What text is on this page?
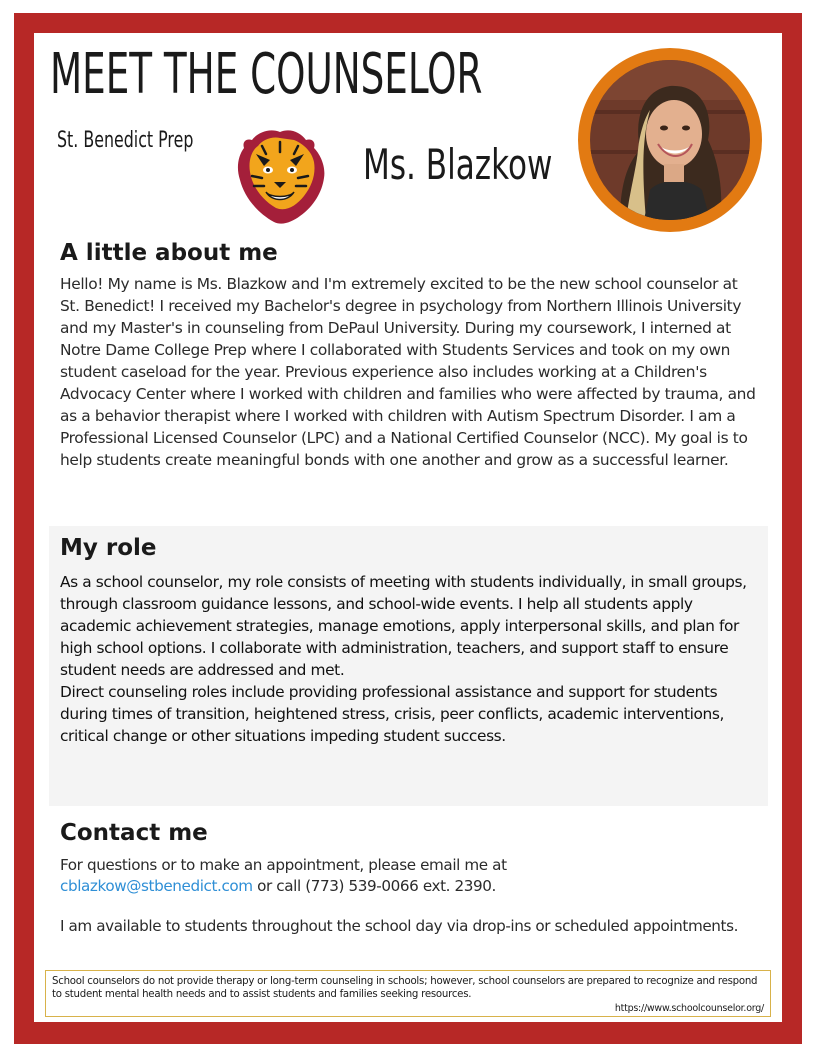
MEET THE COUNSELOR
St. Benedict Prep	Ms. Blazkow
A little about me
Hello! My name is Ms. Blazkow and I'm extremely excited to be the new school counselor at St. Benedict! I received my Bachelor's degree in psychology from Northern Illinois University and my Master's in counseling from DePaul University. During my coursework, I interned at Notre Dame College Prep where I collaborated with Students Services and took on my own student caseload for the year. Previous experience also includes working at a Children's Advocacy Center where I worked with children and families who were affected by trauma, and as a behavior therapist where I worked with children with Autism Spectrum Disorder. I am a Professional Licensed Counselor (LPC) and a National Certified Counselor (NCC). My goal is to help students create meaningful bonds with one another and grow as a successful learner.
My role
As a school counselor, my role consists of meeting with students individually, in small groups, through classroom guidance lessons, and school-wide events. I help all students apply academic achievement strategies, manage emotions, apply interpersonal skills, and plan for high school options. I collaborate with administration, teachers, and support staff to ensure student needs are addressed and met.
Direct counseling roles include providing professional assistance and support for students during times of transition, heightened stress, crisis, peer conflicts, academic interventions, critical change or other situations impeding student success.
Contact me
For questions or to make an appointment, please email me at
cblazkow@stbenedict.com or call (773) 539-0066 ext. 2390.
I am available to students throughout the school day via drop-ins or scheduled appointments.
School counselors do not provide therapy or long-term counseling in schools; however, school counselors are prepared to recognize and respond to student mental health needs and to assist students and families seeking resources.
https://www.schoolcounselor.org/
